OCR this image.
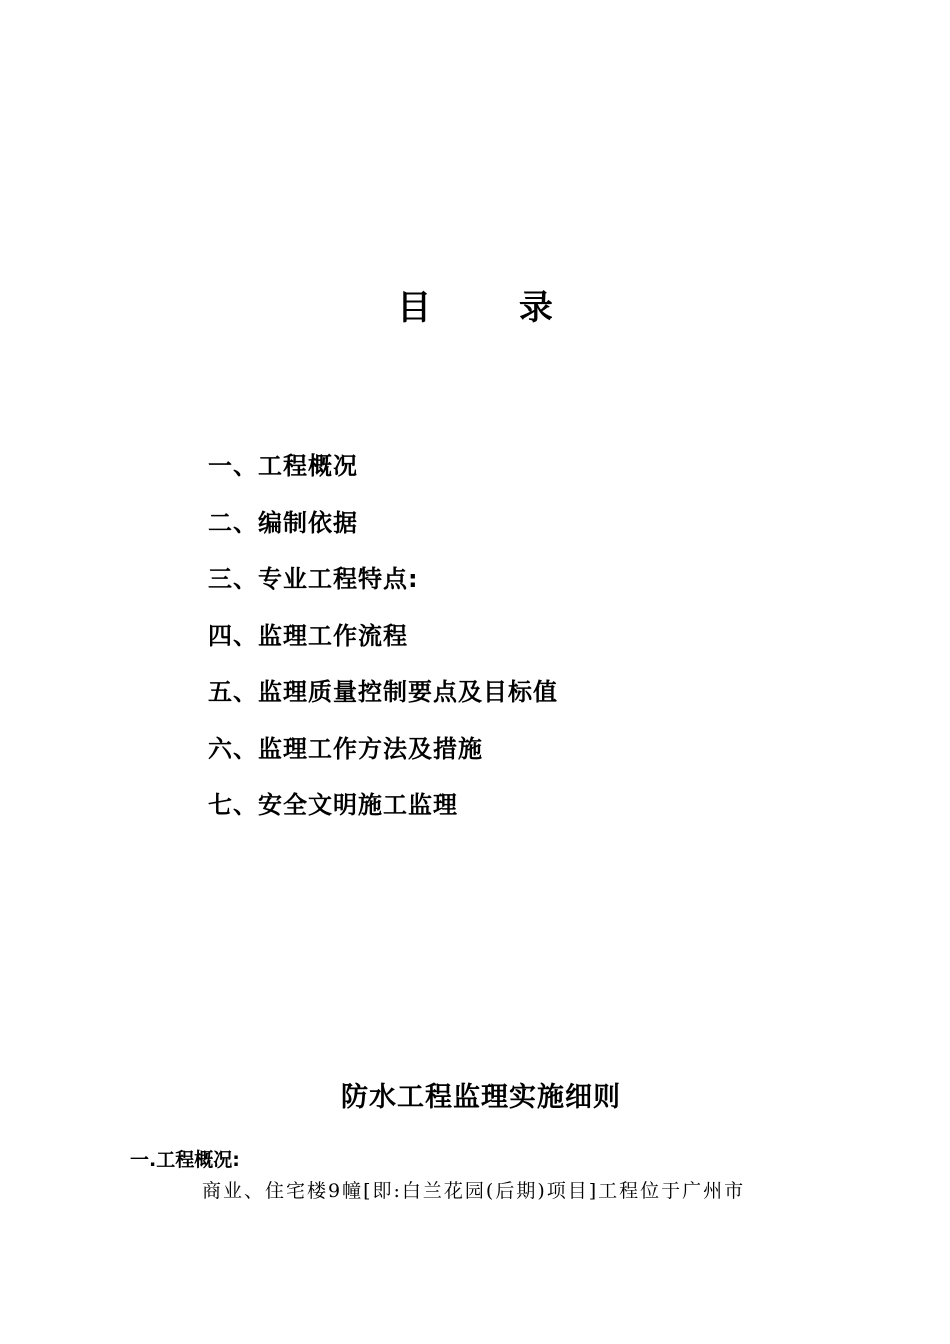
目 录
一、工程概况
二、编制依据
三、专业工程特点:
四、监理工作流程
五、监理质量控制要点及目标值
六、监理工作方法及措施
七、安全文明施工监理
防水工程监理实施细则
一.工程概况:
商业、住宅楼9幢[即:白兰花园(后期)项目]工程位于广州市
